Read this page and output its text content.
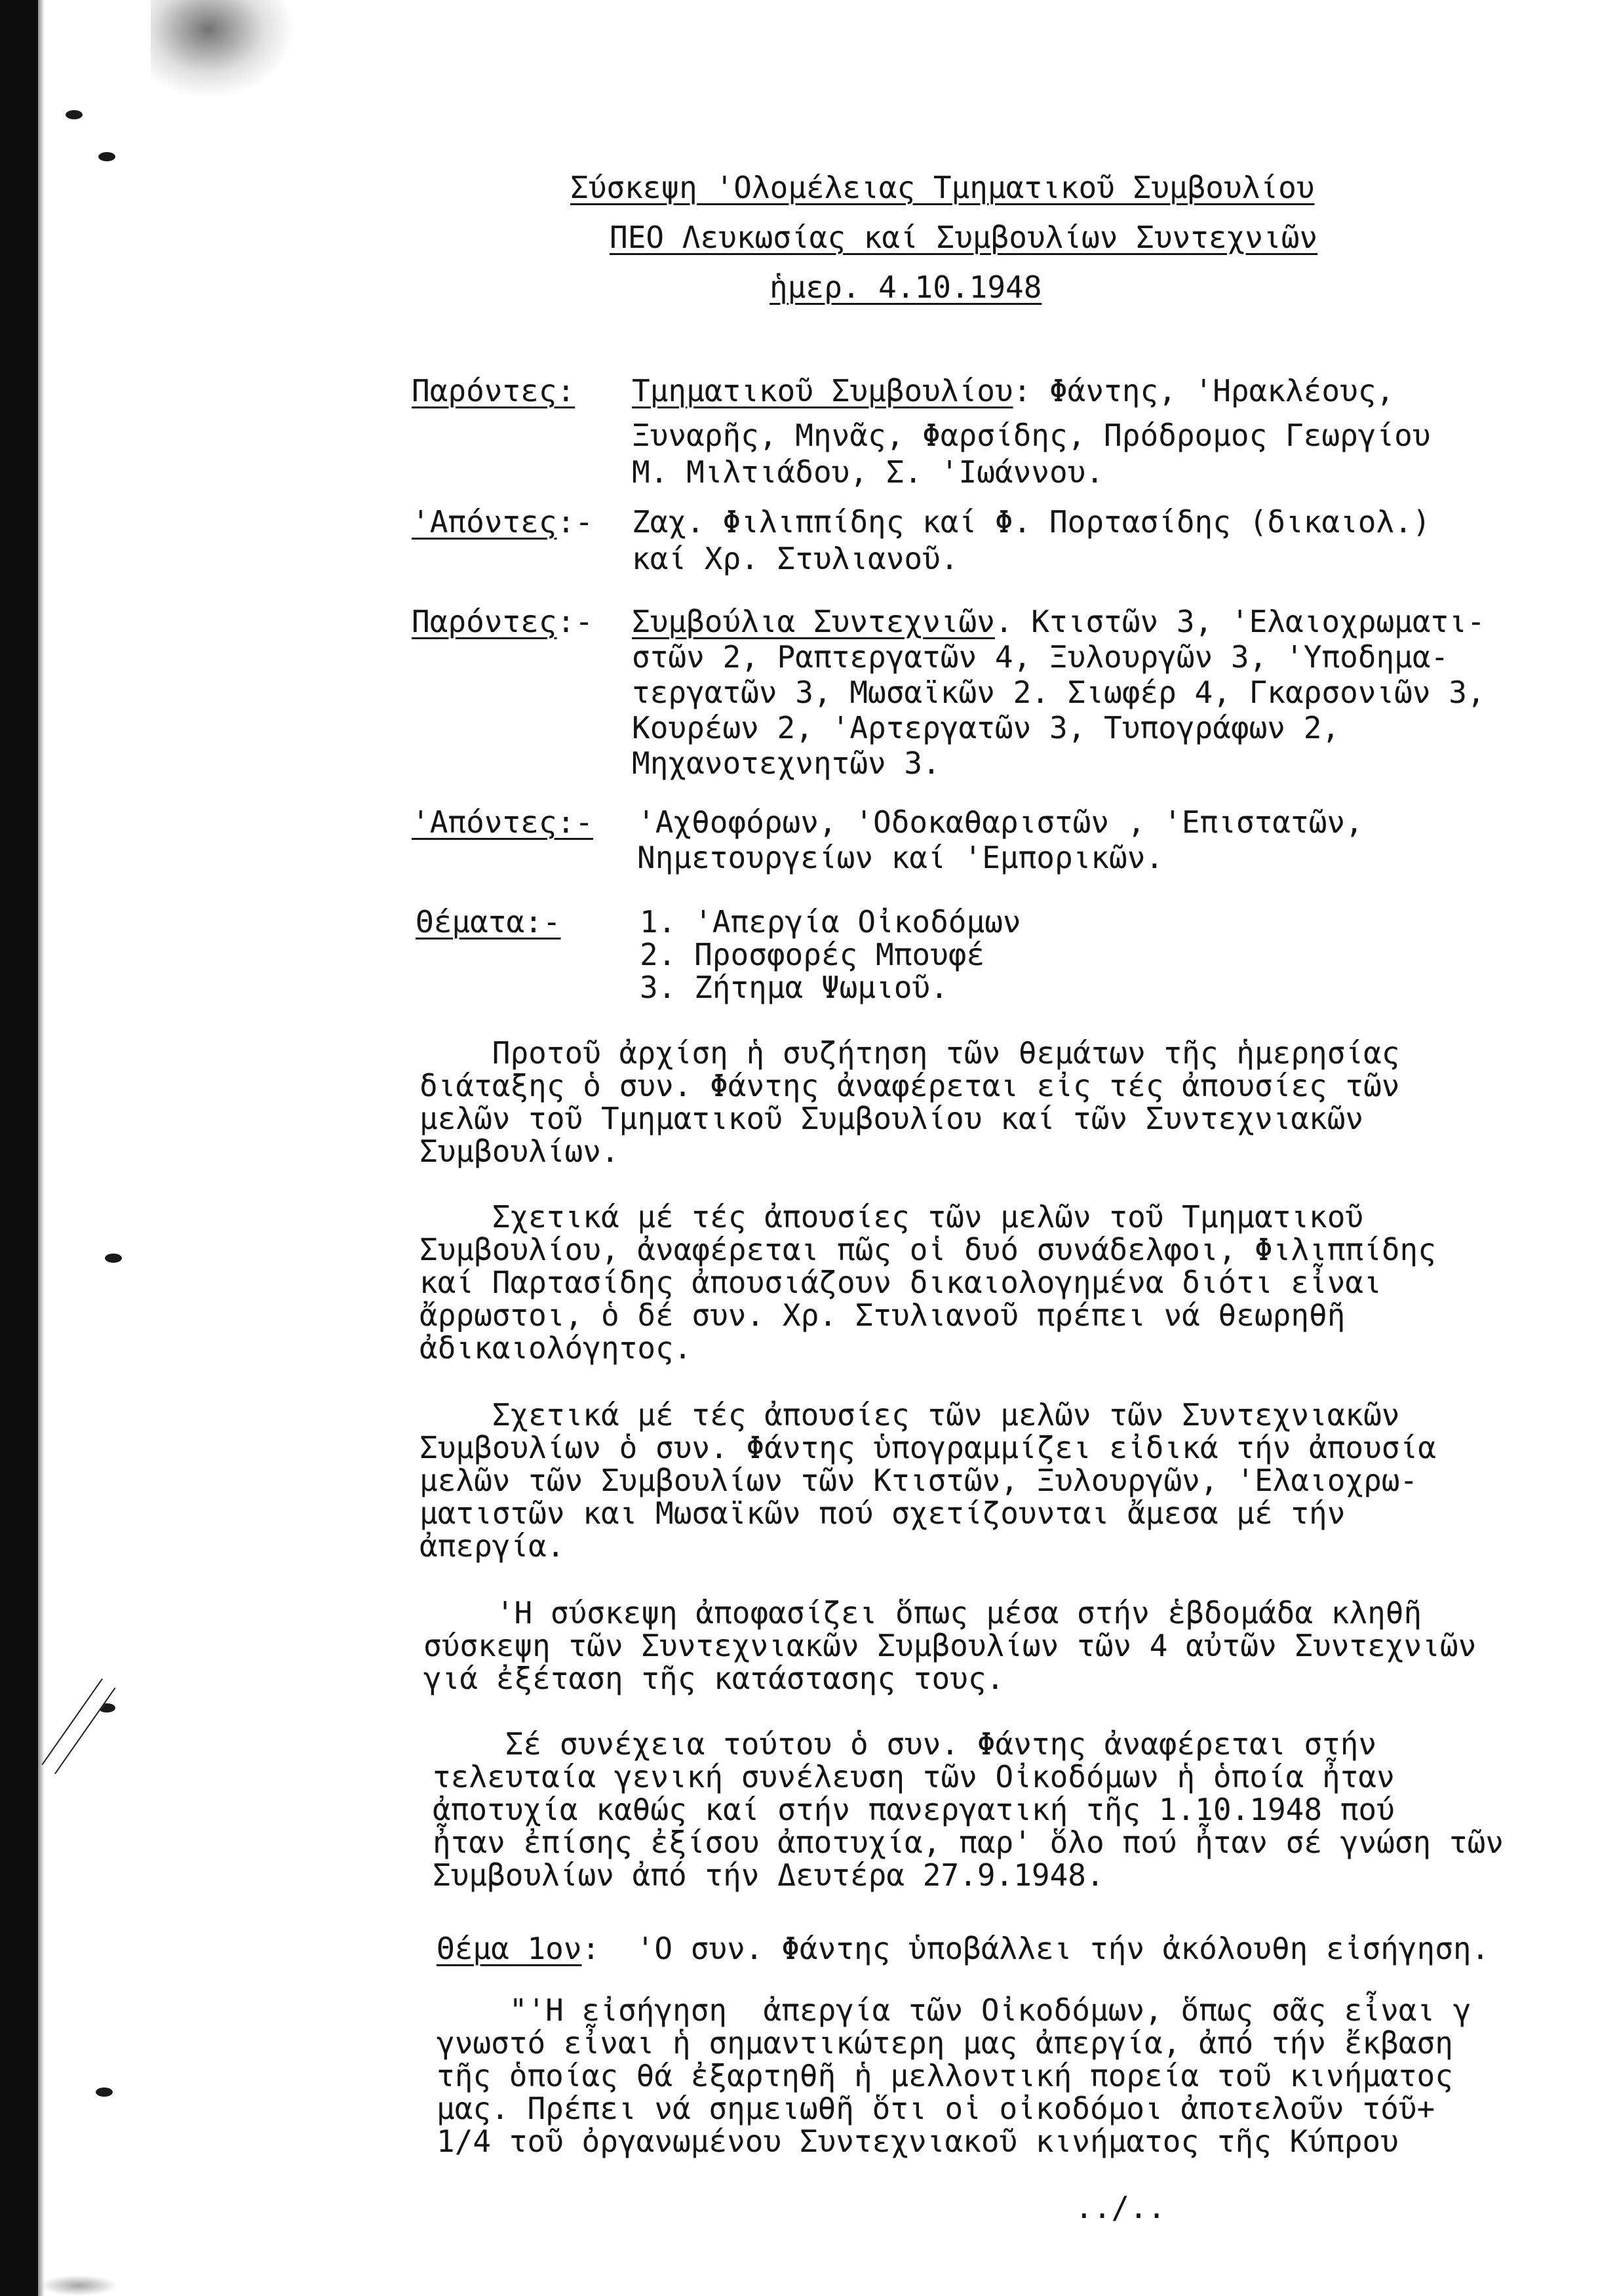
Σύσκεψη 'Ολομέλειας Τμηματικοῦ Συμβουλίου
ΠΕΟ Λευκωσίας καί Συμβουλίων Συντεχνιῶν
ἡμερ. 4.10.1948
Παρόντες: Τμηματικοῦ Συμβουλίου: Φάντης, 'Ηρακλέους,
Ξυναρῆς, Μηνᾶς, Φαρσίδης, Πρόδρομος Γεωργίου
Μ. Μιλτιάδου, Σ. 'Ιωάννου.
'Απόντες:- Ζαχ. Φιλιππίδης καί Φ. Πορτασίδης (δικαιολ.)
καί Χρ. Στυλιανοῦ.
Παρόντες:- Συμβούλια Συντεχνιῶν. Κτιστῶν 3, 'Ελαιοχρωματι-
στῶν 2, Ραπτεργατῶν 4, Ξυλουργῶν 3, 'Υποδημα-
τεργατῶν 3, Μωσαϊκῶν 2. Σιωφέρ 4, Γκαρσονιῶν 3,
Κουρέων 2, 'Αρτεργατῶν 3, Τυπογράφων 2,
Μηχανοτεχνητῶν 3.
'Απόντες:- 'Αχθοφόρων, 'Οδοκαθαριστῶν , 'Επιστατῶν,
Νημετουργείων καί 'Εμπορικῶν.
Θέματα:-	1. 'Απεργία Οἰκοδόμων
2. Προσφορές Μπουφέ
3. Ζήτημα Ψωμιοῦ.
Προτοῦ ἀρχίση ἡ συζήτηση τῶν θεμάτων τῆς ἡμερησίας
διάταξης ὁ συν. Φάντης ἀναφέρεται εἰς τές ἀπουσίες τῶν
μελῶν τοῦ Τμηματικοῦ Συμβουλίου καί τῶν Συντεχνιακῶν
Συμβουλίων.
Σχετικά μέ τές ἀπουσίες τῶν μελῶν τοῦ Τμηματικοῦ
Συμβουλίου, ἀναφέρεται πῶς οἱ δυό συνάδελφοι, Φιλιππίδης
καί Παρτασίδης ἀπουσιάζουν δικαιολογημένα διότι εἶναι
ἄρρωστοι, ὁ δέ συν. Χρ. Στυλιανοῦ πρέπει νά θεωρηθῆ
ἀδικαιολόγητος.
Σχετικά μέ τές ἀπουσίες τῶν μελῶν τῶν Συντεχνιακῶν
Συμβουλίων ὁ συν. Φάντης ὑπογραμμίζει εἰδικά τήν ἀπουσία
μελῶν τῶν Συμβουλίων τῶν Κτιστῶν, Ξυλουργῶν, 'Ελαιοχρω-
ματιστῶν και Μωσαϊκῶν πού σχετίζουνται ἄμεσα μέ τήν
ἀπεργία.
'Η σύσκεψη ἀποφασίζει ὅπως μέσα στήν ἑβδομάδα κληθῆ
σύσκεψη τῶν Συντεχνιακῶν Συμβουλίων τῶν 4 αὐτῶν Συντεχνιῶν
γιά ἐξέταση τῆς κατάστασης τους.
Σέ συνέχεια τούτου ὁ συν. Φάντης ἀναφέρεται στήν
τελευταία γενική συνέλευση τῶν Οἰκοδόμων ἡ ὁποία ἦταν
ἀποτυχία καθώς καί στήν πανεργατική τῆς 1.10.1948 πού
ἦταν ἐπίσης ἐξίσου ἀποτυχία, παρ' ὅλο πού ἦταν σέ γνώση τῶν
Συμβουλίων ἀπό τήν Δευτέρα 27.9.1948.
Θέμα 1ον:  'Ο συν. Φάντης ὑποβάλλει τήν ἀκόλουθη εἰσήγηση.
"'Η εἰσήγηση  ἀπεργία τῶν Οἰκοδόμων, ὅπως σᾶς εἶναι γ
γνωστό εἶναι ἡ σημαντικώτερη μας ἀπεργία, ἀπό τήν ἔκβαση
τῆς ὁποίας θά ἐξαρτηθῆ ἡ μελλοντική πορεία τοῦ κινήματος
μας. Πρέπει νά σημειωθῆ ὅτι οἱ οἰκοδόμοι ἀποτελοῦν τόῦ+
1/4 τοῦ ὀργανωμένου Συντεχνιακοῦ κινήματος τῆς Κύπρου
../..
